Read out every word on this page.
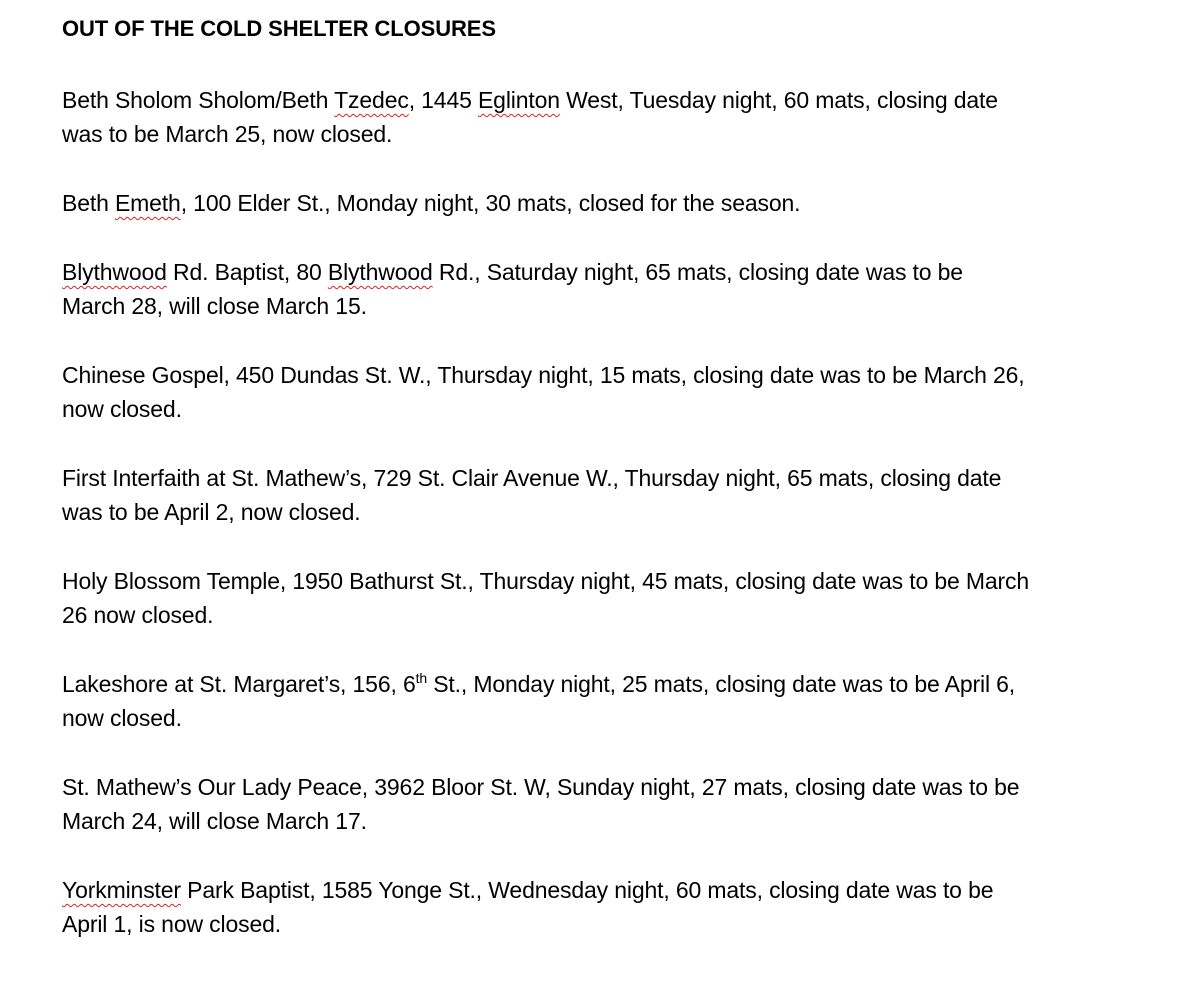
OUT OF THE COLD SHELTER CLOSURES
Beth Sholom Sholom/Beth Tzedec, 1445 Eglinton West, Tuesday night, 60 mats, closing date
was to be March 25, now closed.
Beth Emeth, 100 Elder St., Monday night, 30 mats, closed for the season.
Blythwood Rd. Baptist, 80 Blythwood Rd., Saturday night, 65 mats, closing date was to be
March 28, will close March 15.
Chinese Gospel, 450 Dundas St. W., Thursday night, 15 mats, closing date was to be March 26,
now closed.
First Interfaith at St. Mathew’s, 729 St. Clair Avenue W., Thursday night, 65 mats, closing date
was to be April 2, now closed.
Holy Blossom Temple, 1950 Bathurst St., Thursday night, 45 mats, closing date was to be March
26 now closed.
Lakeshore at St. Margaret’s, 156, 6th St., Monday night, 25 mats, closing date was to be April 6,
now closed.
St. Mathew’s Our Lady Peace, 3962 Bloor St. W, Sunday night, 27 mats, closing date was to be
March 24, will close March 17.
Yorkminster Park Baptist, 1585 Yonge St., Wednesday night, 60 mats, closing date was to be
April 1, is now closed.
